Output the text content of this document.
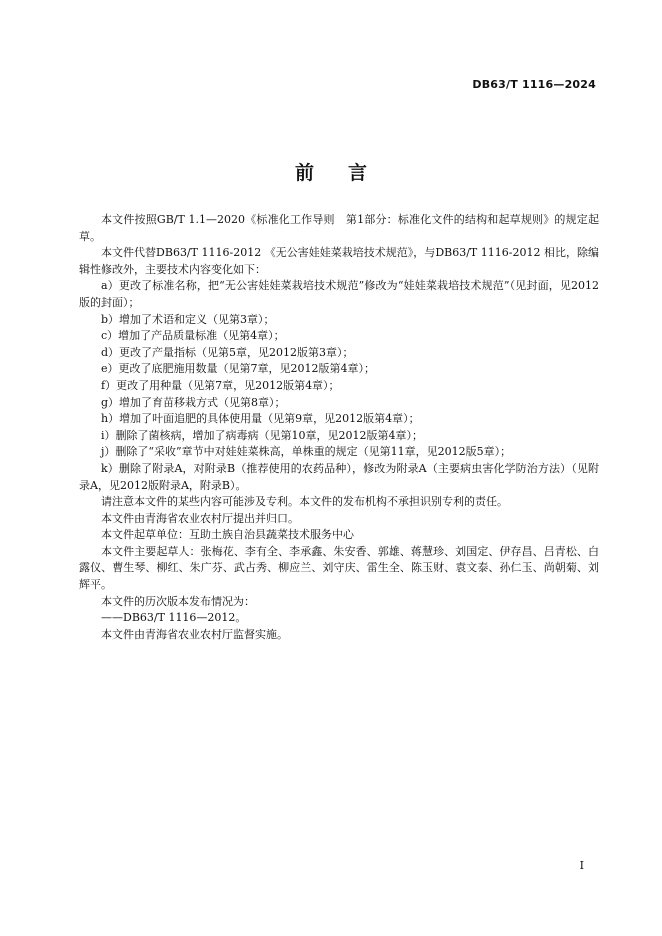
DB63/T 1116—2024
前言

本文件按照GB/T 1.1—2020《标准化工作导则　第1部分：标准化文件的结构和起草规则》的规定起草。

本文件代替DB63/T 1116-2012 《无公害娃娃菜栽培技术规范》，与DB63/T 1116-2012 相比，除编辑性修改外，主要技术内容变化如下：

a）更改了标准名称，把“无公害娃娃菜栽培技术规范”修改为“娃娃菜栽培技术规范”（见封面，见2012版的封面）；

b）增加了术语和定义（见第3章）；

c）增加了产品质量标准（见第4章）；

d）更改了产量指标（见第5章，见2012版第3章）；

e）更改了底肥施用数量（见第7章，见2012版第4章）；

f）更改了用种量（见第7章，见2012版第4章）；

g）增加了育苗移栽方式（见第8章）；

h）增加了叶面追肥的具体使用量（见第9章，见2012版第4章）；

i）删除了菌核病，增加了病毒病（见第10章，见2012版第4章）；

j）删除了“采收”章节中对娃娃菜株高，单株重的规定（见第11章，见2012版5章）；

k）删除了附录A，对附录B（推荐使用的农药品种），修改为附录A（主要病虫害化学防治方法）（见附录A，见2012版附录A，附录B）。

请注意本文件的某些内容可能涉及专利。本文件的发布机构不承担识别专利的责任。

本文件由青海省农业农村厅提出并归口。

本文件起草单位：互助土族自治县蔬菜技术服务中心

本文件主要起草人：张梅花、李有全、李承鑫、朱安香、郭雄、蒋慧珍、刘国定、伊存昌、吕青松、白露仪、曹生琴、柳红、朱广芬、武占秀、柳应兰、刘守庆、雷生全、陈玉财、袁文泰、孙仁玉、尚朝菊、刘辉平。

本文件的历次版本发布情况为：

——DB63/T 1116—2012。

本文件由青海省农业农村厅监督实施。

I
